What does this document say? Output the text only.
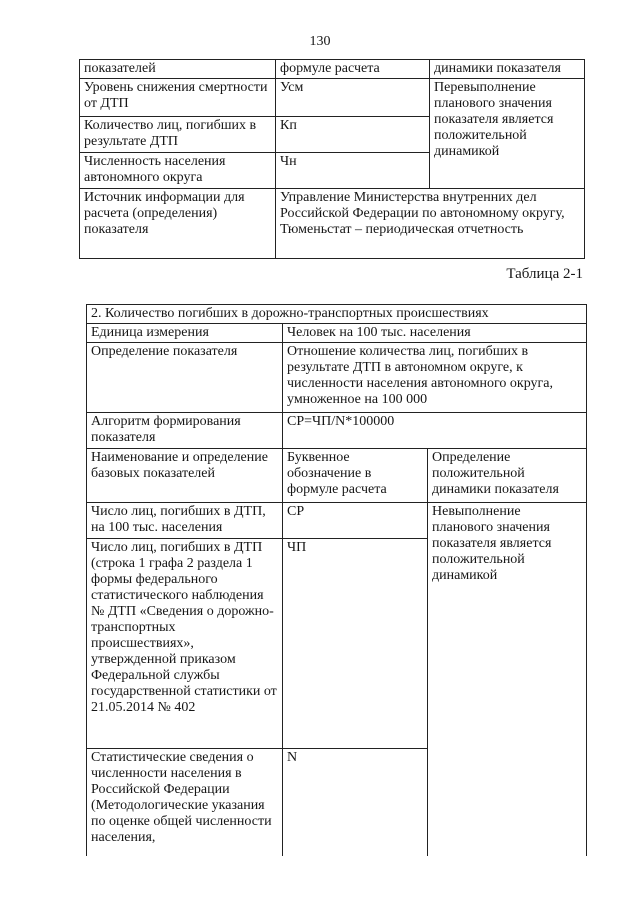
130
показателей	формуле расчета	динамики показателя
Уровень снижения смертности от ДТП	Усм	Перевыполнение планового значения показателя является положительной динамикой
Количество лиц, погибших в результате ДТП	Кп	
Численность населения автономного округа	Чн	
Источник информации для расчета (определения) показателя	Управление Министерства внутренних дел Российской Федерации по автономному округу, Тюменьстат – периодическая отчетность	
Таблица 2-1
2. Количество погибших в дорожно-транспортных происшествиях		
Единица измерения	Человек на 100 тыс. населения	
Определение показателя	Отношение количества лиц, погибших в результате ДТП в автономном округе, к численности населения автономного округа, умноженное на 100 000	
Алгоритм формирования показателя	СР=ЧП/N*100000	
Наименование и определение базовых показателей	Буквенное обозначение в формуле расчета	Определение положительной динамики показателя
Число лиц, погибших в ДТП, на 100 тыс. населения	СР	Невыполнение планового значения показателя является положительной динамикой
Число лиц, погибших в ДТП (строка 1 графа 2 раздела 1 формы федерального статистического наблюдения № ДТП «Сведения о дорожно-транспортных происшествиях», утвержденной приказом Федеральной службы государственной статистики от 21.05.2014 № 402	ЧП	
Статистические сведения о численности населения в Российской Федерации (Методологические указания по оценке общей численности населения,	N	
